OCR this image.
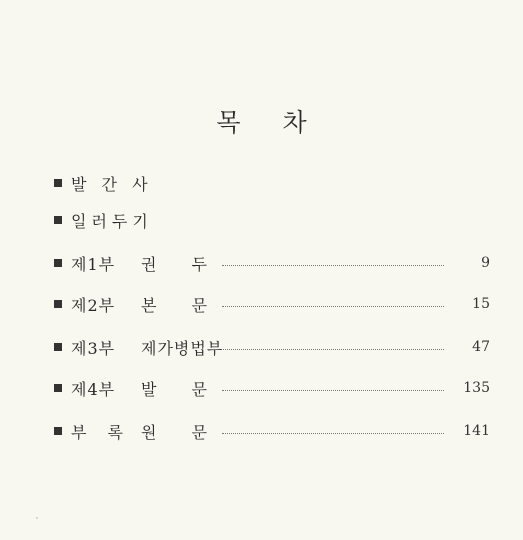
목 차
발 간 사
일러두기
제1부	권 두	9
제2부	본 문	15
제3부	제가병법부	47
제4부	발 문	135
부 록 원 문	141
